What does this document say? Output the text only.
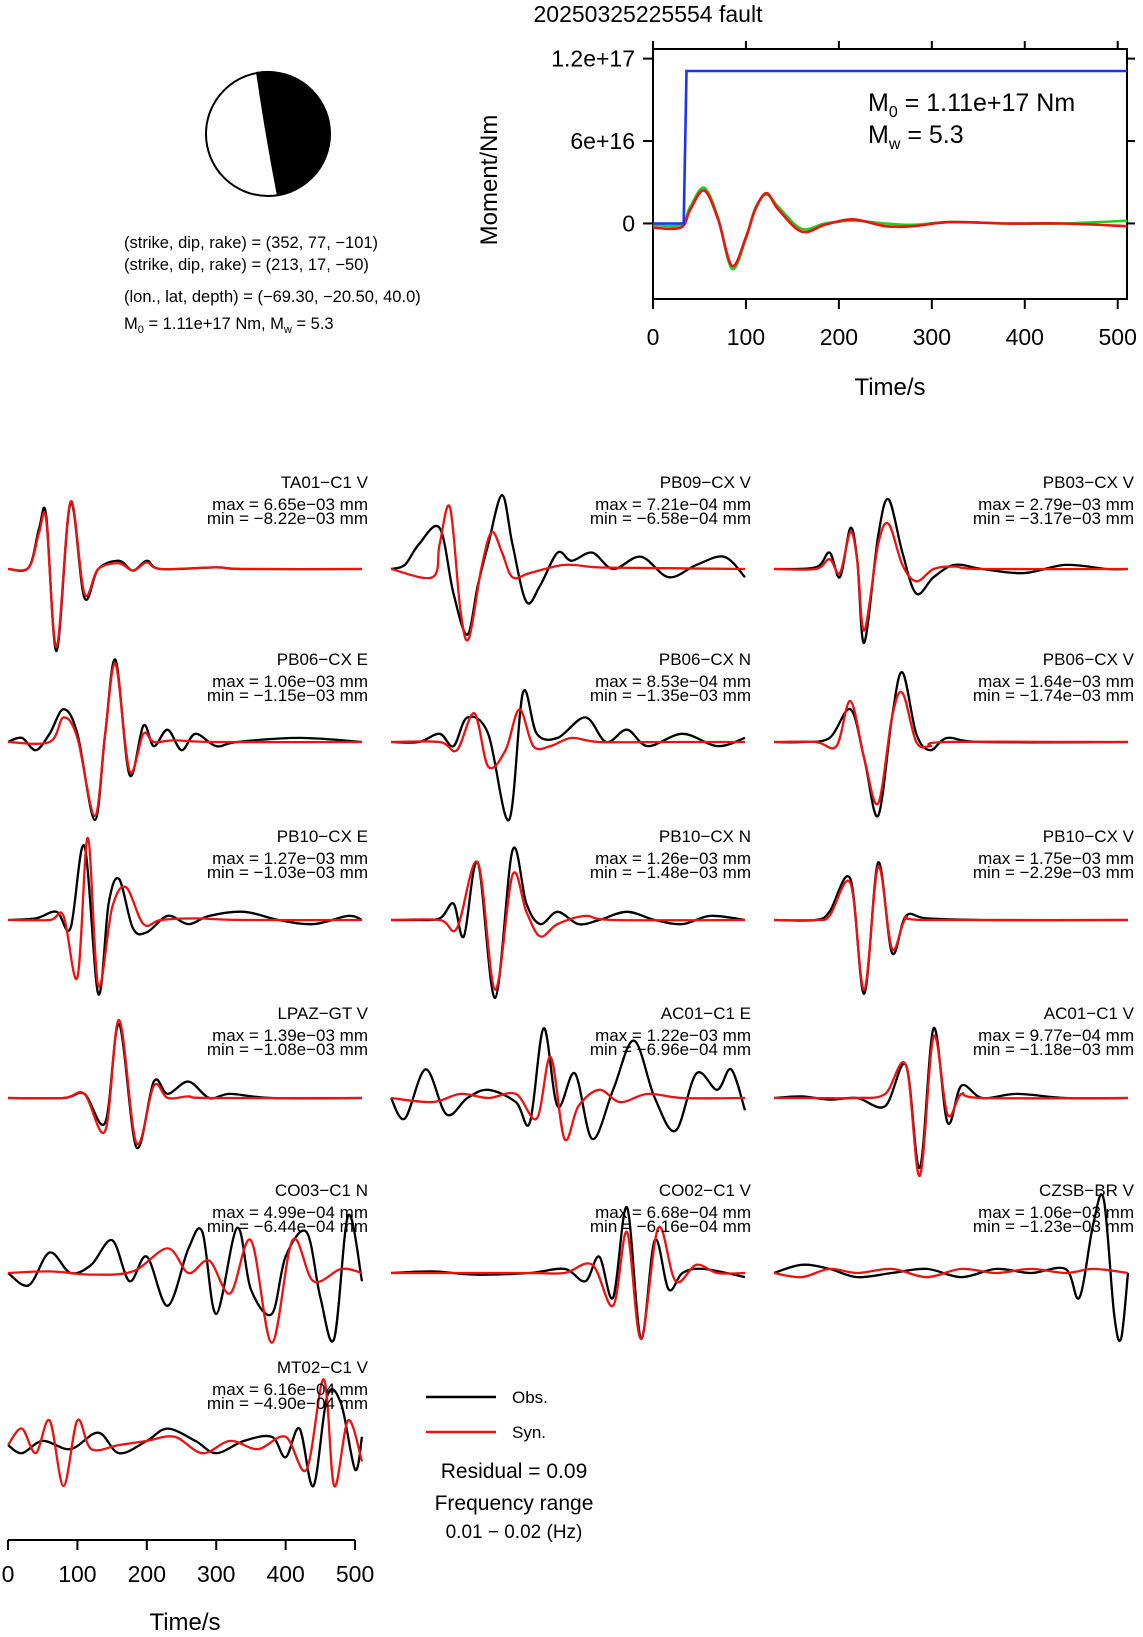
20250325225554 fault
(strike, dip, rake) = (352, 77, −101)
(strike, dip, rake) = (213, 17, −50)
(lon., lat, depth) = (−69.30, −20.50, 40.0)
$M_0 = 1.11e+17$ Nm, $M_w = 5.3$
1.2e+17
6e+16
0
0	100 200 300 400 500
Time/s
Moment/Nm
$M_0 = 1.11e+17$ Nm
$M_w = 5.3$
TA01−C1 V
max = 6.65e−03 mm
min = −8.22e−03 mm
PB09−CX V
max = 7.21e−04 mm
min = −6.58e−04 mm
PB03−CX V
max = 2.79e−03 mm
min = −3.17e−03 mm
PB06−CX E
max = 1.06e−03 mm
min = −1.15e−03 mm
PB06−CX N
max = 8.53e−04 mm
min = −1.35e−03 mm
PB06−CX V
max = 1.64e−03 mm
min = −1.74e−03 mm
PB10−CX E
max = 1.27e−03 mm
min = −1.03e−03 mm
PB10−CX N
max = 1.26e−03 mm
min = −1.48e−03 mm
PB10−CX V
max = 1.75e−03 mm
min = −2.29e−03 mm
LPAZ−GT V
max = 1.39e−03 mm
min = −1.08e−03 mm
AC01−C1 E
max = 1.22e−03 mm
min = −6.96e−04 mm
AC01−C1 V
max = 9.77e−04 mm
min = −1.18e−03 mm
CO03−C1 N
max = 4.99e−04 mm
min = −6.44e−04 mm
CO02−C1 V
max = 6.68e−04 mm
min = −6.16e−04 mm
CZSB−BR V
max = 1.06e−03 mm
min = −1.23e−03 mm
MT02−C1 V
max = 6.16e−04 mm
min = −4.90e−04 mm
0 100 200 300 400 500
Time/s
Obs.
Syn.
Residual = 0.09
Frequency range
0.01 − 0.02 (Hz)
